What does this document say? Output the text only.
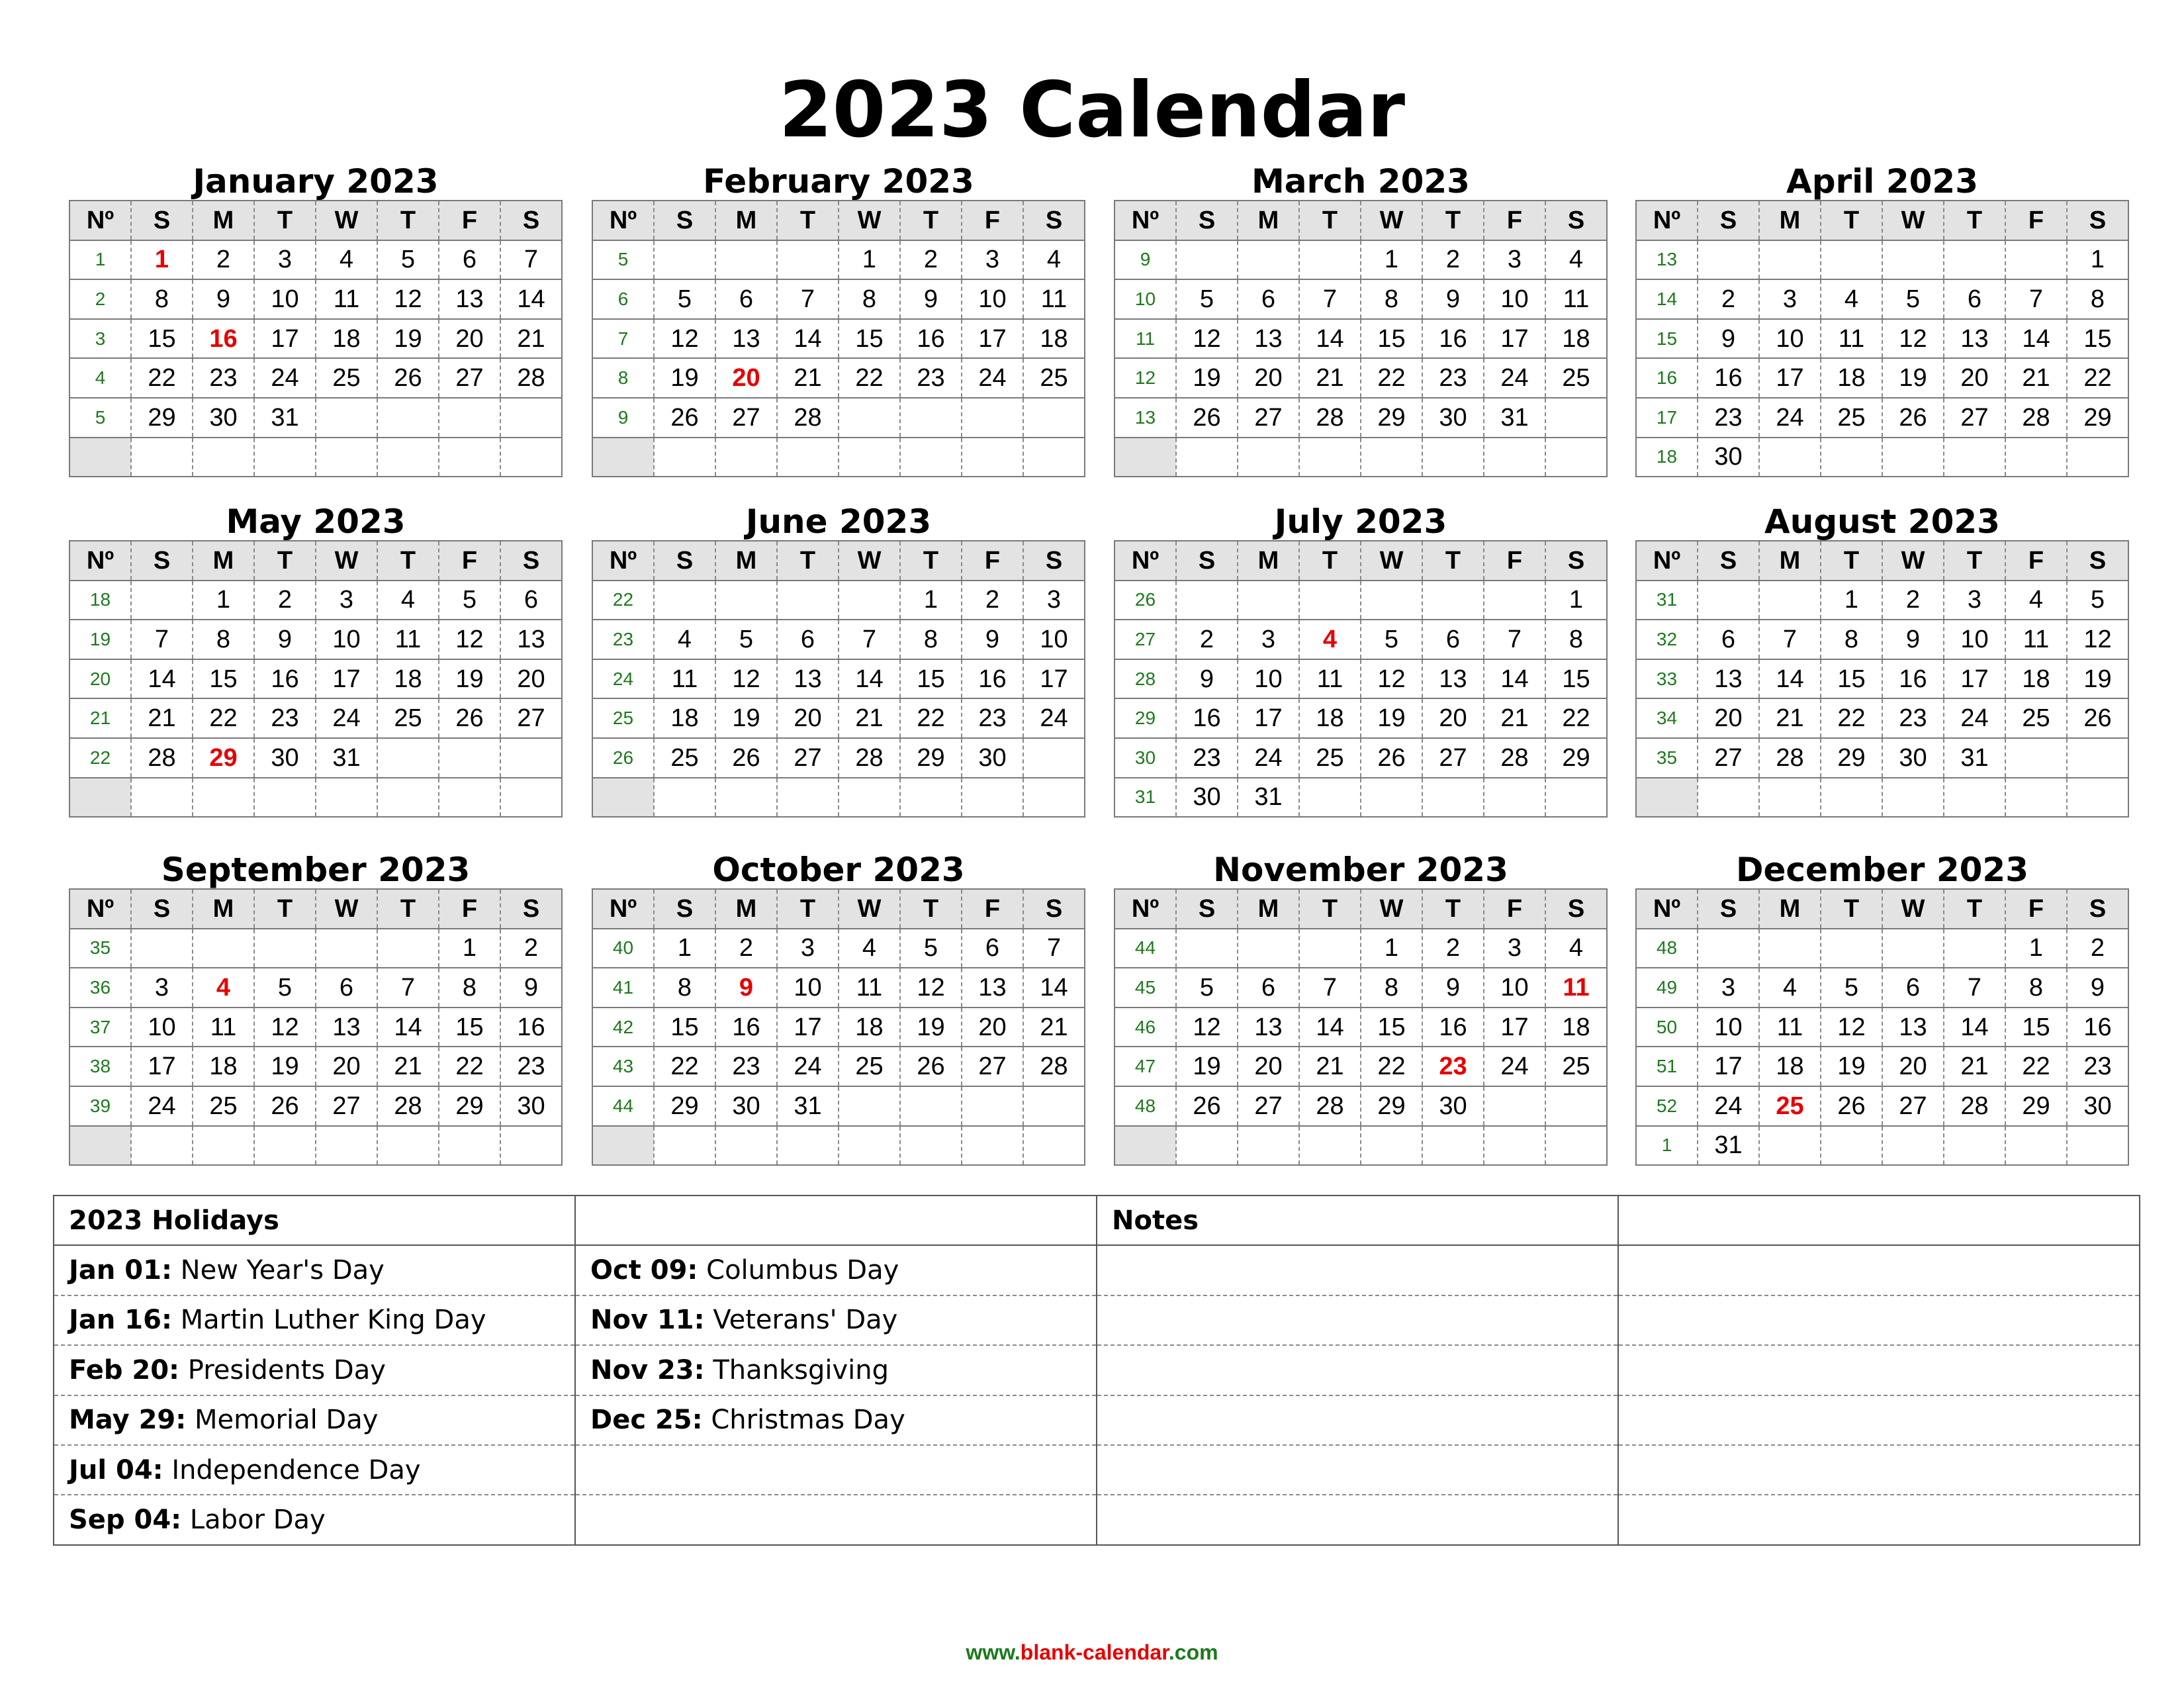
2023 Calendar
January 2023
Nº	S	M	T	W	T	F	S
1	1	2	3	4	5	6	7
2	8	9	10	11	12	13	14
3	15	16	17	18	19	20	21
4	22	23	24	25	26	27	28
5	29	30	31				

February 2023
Nº	S	M	T	W	T	F	S
5				1	2	3	4
6	5	6	7	8	9	10	11
7	12	13	14	15	16	17	18
8	19	20	21	22	23	24	25
9	26	27	28				

March 2023
Nº	S	M	T	W	T	F	S
9				1	2	3	4
10	5	6	7	8	9	10	11
11	12	13	14	15	16	17	18
12	19	20	21	22	23	24	25
13	26	27	28	29	30	31	

April 2023
Nº	S	M	T	W	T	F	S
13							1
14	2	3	4	5	6	7	8
15	9	10	11	12	13	14	15
16	16	17	18	19	20	21	22
17	23	24	25	26	27	28	29
18	30						
May 2023
Nº	S	M	T	W	T	F	S
18		1	2	3	4	5	6
19	7	8	9	10	11	12	13
20	14	15	16	17	18	19	20
21	21	22	23	24	25	26	27
22	28	29	30	31			

June 2023
Nº	S	M	T	W	T	F	S
22					1	2	3
23	4	5	6	7	8	9	10
24	11	12	13	14	15	16	17
25	18	19	20	21	22	23	24
26	25	26	27	28	29	30	

July 2023
Nº	S	M	T	W	T	F	S
26							1
27	2	3	4	5	6	7	8
28	9	10	11	12	13	14	15
29	16	17	18	19	20	21	22
30	23	24	25	26	27	28	29
31	30	31					
August 2023
Nº	S	M	T	W	T	F	S
31			1	2	3	4	5
32	6	7	8	9	10	11	12
33	13	14	15	16	17	18	19
34	20	21	22	23	24	25	26
35	27	28	29	30	31		

September 2023
Nº	S	M	T	W	T	F	S
35						1	2
36	3	4	5	6	7	8	9
37	10	11	12	13	14	15	16
38	17	18	19	20	21	22	23
39	24	25	26	27	28	29	30

October 2023
Nº	S	M	T	W	T	F	S
40	1	2	3	4	5	6	7
41	8	9	10	11	12	13	14
42	15	16	17	18	19	20	21
43	22	23	24	25	26	27	28
44	29	30	31				

November 2023
Nº	S	M	T	W	T	F	S
44				1	2	3	4
45	5	6	7	8	9	10	11
46	12	13	14	15	16	17	18
47	19	20	21	22	23	24	25
48	26	27	28	29	30		

December 2023
Nº	S	M	T	W	T	F	S
48						1	2
49	3	4	5	6	7	8	9
50	10	11	12	13	14	15	16
51	17	18	19	20	21	22	23
52	24	25	26	27	28	29	30
1	31						
2023 Holidays		Notes	
Jan 01: New Year's Day	Oct 09: Columbus Day		
Jan 16: Martin Luther King Day	Nov 11: Veterans' Day		
Feb 20: Presidents Day	Nov 23: Thanksgiving		
May 29: Memorial Day	Dec 25: Christmas Day		
Jul 04: Independence Day			
Sep 04: Labor Day			
www.blank-calendar.com
